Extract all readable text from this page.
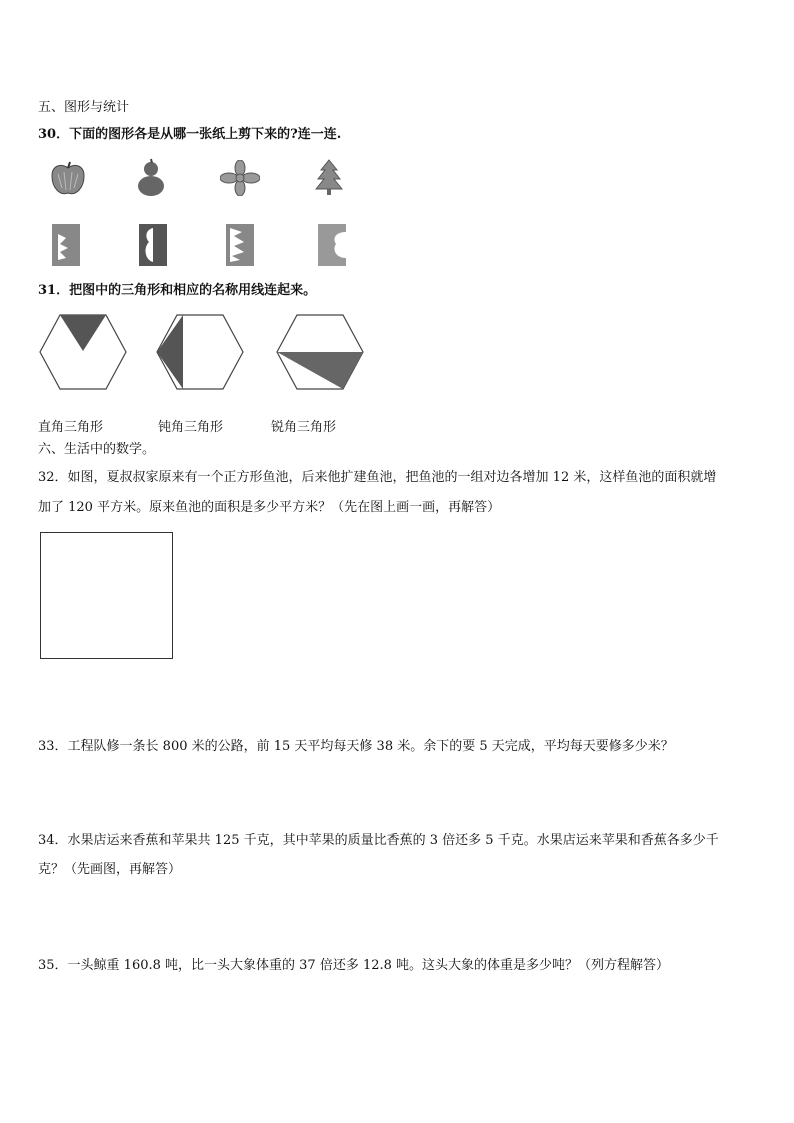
五、图形与统计
30．下面的图形各是从哪一张纸上剪下来的?连一连.
31．把图中的三角形和相应的名称用线连起来。
直角三角形	钝角三角形	锐角三角形
六、生活中的数学。
32．如图，夏叔叔家原来有一个正方形鱼池，后来他扩建鱼池，把鱼池的一组对边各增加 12 米，这样鱼池的面积就增
加了 120 平方米。原来鱼池的面积是多少平方米？（先在图上画一画，再解答）
33．工程队修一条长 800 米的公路，前 15 天平均每天修 38 米。余下的要 5 天完成，平均每天要修多少米？
34．水果店运来香蕉和苹果共 125 千克，其中苹果的质量比香蕉的 3 倍还多 5 千克。水果店运来苹果和香蕉各多少千
克？（先画图，再解答）
35．一头鲸重 160.8 吨，比一头大象体重的 37 倍还多 12.8 吨。这头大象的体重是多少吨？（列方程解答）
